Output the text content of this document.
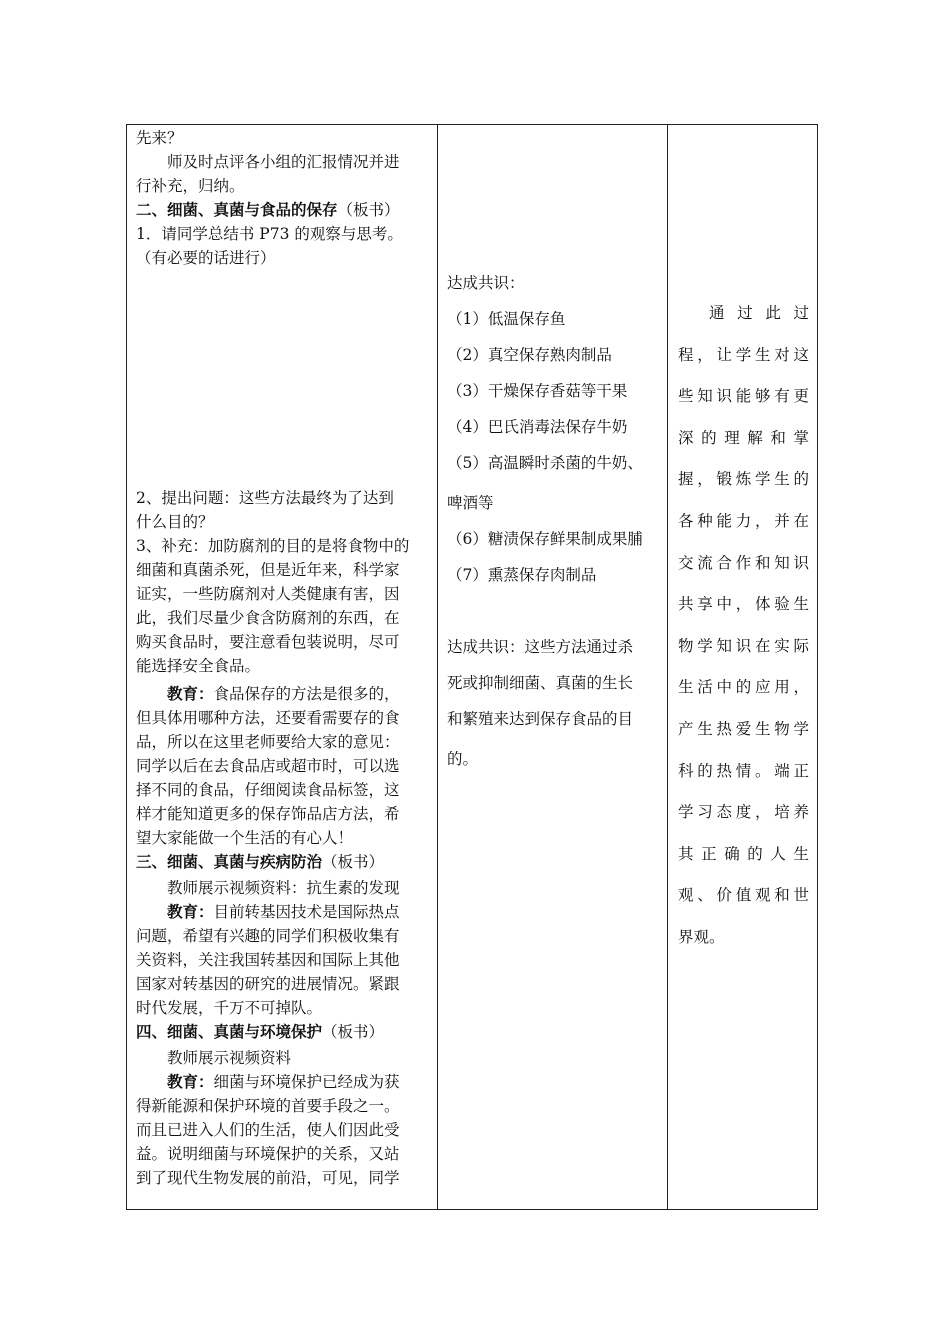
先来？
师及时点评各小组的汇报情况并进
行补充，归纳。
二、细菌、真菌与食品的保存（板书）
1．请同学总结书 P73 的观察与思考。
（有必要的话进行）
2、提出问题：这些方法最终为了达到
什么目的？
3、补充：加防腐剂的目的是将食物中的
细菌和真菌杀死，但是近年来，科学家
证实，一些防腐剂对人类健康有害，因
此，我们尽量少食含防腐剂的东西，在
购买食品时，要注意看包装说明，尽可
能选择安全食品。
教育：食品保存的方法是很多的，
但具体用哪种方法，还要看需要存的食
品，所以在这里老师要给大家的意见：
同学以后在去食品店或超市时，可以选
择不同的食品，仔细阅读食品标签，这
样才能知道更多的保存饰品店方法，希
望大家能做一个生活的有心人！
三、细菌、真菌与疾病防治（板书）
教师展示视频资料：抗生素的发现
教育：目前转基因技术是国际热点
问题，希望有兴趣的同学们积极收集有
关资料，关注我国转基因和国际上其他
国家对转基因的研究的进展情况。紧跟
时代发展，千万不可掉队。
四、细菌、真菌与环境保护（板书）
教师展示视频资料
教育：细菌与环境保护已经成为获
得新能源和保护环境的首要手段之一。
而且已进入人们的生活，使人们因此受
益。说明细菌与环境保护的关系，又站
到了现代生物发展的前沿，可见，同学

达成共识：
（1）低温保存鱼
（2）真空保存熟肉制品
（3）干燥保存香菇等干果
（4）巴氏消毒法保存牛奶
（5）高温瞬时杀菌的牛奶、
啤酒等
（6）糖渍保存鲜果制成果脯
（7）熏蒸保存肉制品
达成共识：这些方法通过杀
死或抑制细菌、真菌的生长
和繁殖来达到保存食品的目
的。

通过此过
程，让学生对这
些知识能够有更
深的理解和掌
握，锻炼学生的
各种能力，并在
交流合作和知识
共享中，体验生
物学知识在实际
生活中的应用，
产生热爱生物学
科的热情。端正
学习态度，培养
其正确的人生
观、价值观和世
界观。
